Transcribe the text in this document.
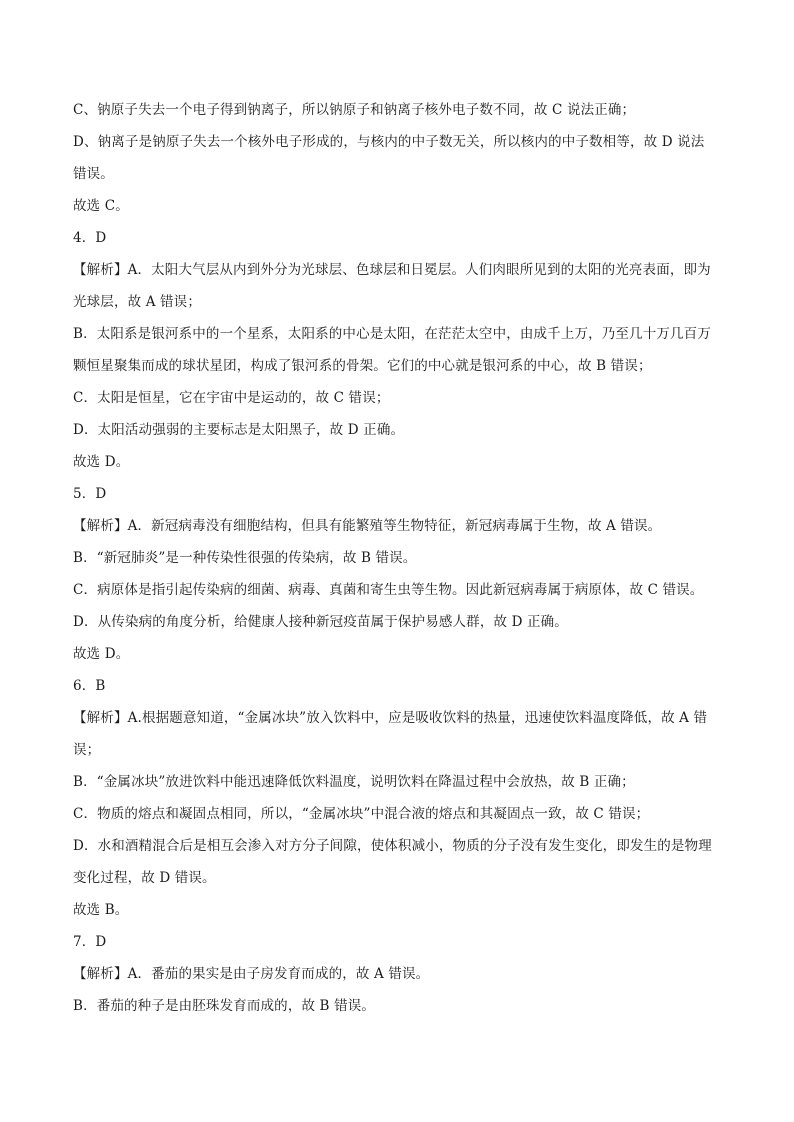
C、钠原子失去一个电子得到钠离子，所以钠原子和钠离子核外电子数不同，故 C 说法正确；
D、钠离子是钠原子失去一个核外电子形成的，与核内的中子数无关，所以核内的中子数相等，故 D 说法
错误。
故选 C。
4．D
【解析】A．太阳大气层从内到外分为光球层、色球层和日冕层。人们肉眼所见到的太阳的光亮表面，即为
光球层，故 A 错误；
B．太阳系是银河系中的一个星系，太阳系的中心是太阳，在茫茫太空中，由成千上万，乃至几十万几百万
颗恒星聚集而成的球状星团，构成了银河系的骨架。它们的中心就是银河系的中心，故 B 错误；
C．太阳是恒星，它在宇宙中是运动的，故 C 错误；
D．太阳活动强弱的主要标志是太阳黑子，故 D 正确。
故选 D。
5．D
【解析】A．新冠病毒没有细胞结构，但具有能繁殖等生物特征，新冠病毒属于生物，故 A 错误。
B．“新冠肺炎”是一种传染性很强的传染病，故 B 错误。
C．病原体是指引起传染病的细菌、病毒、真菌和寄生虫等生物。因此新冠病毒属于病原体，故 C 错误。
D．从传染病的角度分析，给健康人接种新冠疫苗属于保护易感人群，故 D 正确。
故选 D。
6．B
【解析】A.根据题意知道，“金属冰块”放入饮料中，应是吸收饮料的热量，迅速使饮料温度降低，故 A 错
误；
B．“金属冰块”放进饮料中能迅速降低饮料温度，说明饮料在降温过程中会放热，故 B 正确；
C．物质的熔点和凝固点相同，所以，“金属冰块”中混合液的熔点和其凝固点一致，故 C 错误；
D．水和酒精混合后是相互会渗入对方分子间隙，使体积减小，物质的分子没有发生变化，即发生的是物理
变化过程，故 D 错误。
故选 B。
7．D
【解析】A．番茄的果实是由子房发育而成的，故 A 错误。
B．番茄的种子是由胚珠发育而成的，故 B 错误。
